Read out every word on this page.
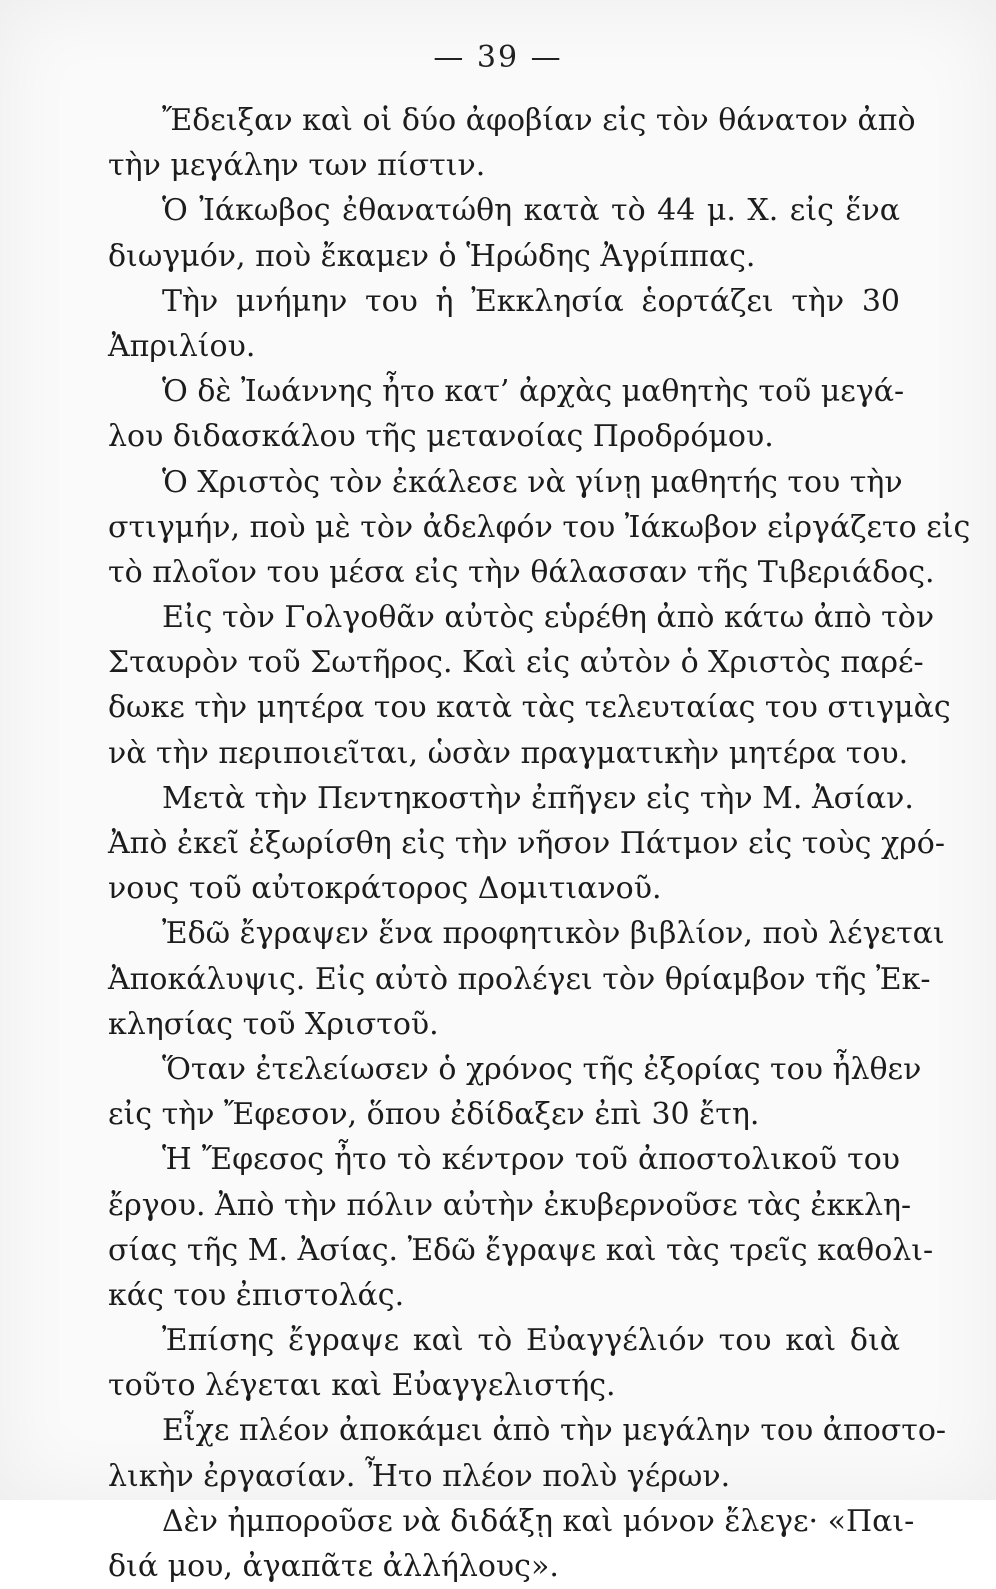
— 39 —
Ἔδειξαν καὶ οἱ δύο ἀφοβίαν εἰς τὸν θάνατον ἀπὸ
τὴν μεγάλην των πίστιν.
Ὁ Ἰάκωβος ἐθανατώθη κατὰ τὸ 44 μ. Χ. εἰς ἕνα
διωγμόν, ποὺ ἔκαμεν ὁ Ἡρώδης Ἀγρίππας.
Τὴν μνήμην του ἡ Ἐκκλησία ἑορτάζει τὴν 30
Ἀπριλίου.
Ὁ δὲ Ἰωάννης ἦτο κατ’ ἀρχὰς μαθητὴς τοῦ μεγά-
λου διδασκάλου τῆς μετανοίας Προδρόμου.
Ὁ Χριστὸς τὸν ἐκάλεσε νὰ γίνῃ μαθητής του τὴν
στιγμήν, ποὺ μὲ τὸν ἀδελφόν του Ἰάκωβον εἰργάζετο εἰς
τὸ πλοῖον του μέσα εἰς τὴν θάλασσαν τῆς Τιβεριάδος.
Εἰς τὸν Γολγοθᾶν αὐτὸς εὑρέθη ἀπὸ κάτω ἀπὸ τὸν
Σταυρὸν τοῦ Σωτῆρος. Καὶ εἰς αὐτὸν ὁ Χριστὸς παρέ-
δωκε τὴν μητέρα του κατὰ τὰς τελευταίας του στιγμὰς
νὰ τὴν περιποιεῖται, ὡσὰν πραγματικὴν μητέρα του.
Μετὰ τὴν Πεντηκοστὴν ἐπῆγεν εἰς τὴν Μ. Ἀσίαν.
Ἀπὸ ἐκεῖ ἐξωρίσθη εἰς τὴν νῆσον Πάτμον εἰς τοὺς χρό-
νους τοῦ αὐτοκράτορος Δομιτιανοῦ.
Ἐδῶ ἔγραψεν ἕνα προφητικὸν βιβλίον, ποὺ λέγεται
Ἀποκάλυψις. Εἰς αὐτὸ προλέγει τὸν θρίαμβον τῆς Ἐκ-
κλησίας τοῦ Χριστοῦ.
Ὅταν ἐτελείωσεν ὁ χρόνος τῆς ἐξορίας του ἦλθεν
εἰς τὴν Ἔφεσον, ὅπου ἐδίδαξεν ἐπὶ 30 ἔτη.
Ἡ Ἔφεσος ἦτο τὸ κέντρον τοῦ ἀποστολικοῦ του
ἔργου. Ἀπὸ τὴν πόλιν αὐτὴν ἐκυβερνοῦσε τὰς ἐκκλη-
σίας τῆς Μ. Ἀσίας. Ἐδῶ ἔγραψε καὶ τὰς τρεῖς καθολι-
κάς του ἐπιστολάς.
Ἐπίσης ἔγραψε καὶ τὸ Εὐαγγέλιόν του καὶ διὰ
τοῦτο λέγεται καὶ Εὐαγγελιστής.
Εἶχε πλέον ἀποκάμει ἀπὸ τὴν μεγάλην του ἀποστο-
λικὴν ἐργασίαν. Ἦτο πλέον πολὺ γέρων.
Δὲν ἠμποροῦσε νὰ διδάξῃ καὶ μόνον ἔλεγε· «Παι-
διά μου, ἀγαπᾶτε ἀλλήλους».
